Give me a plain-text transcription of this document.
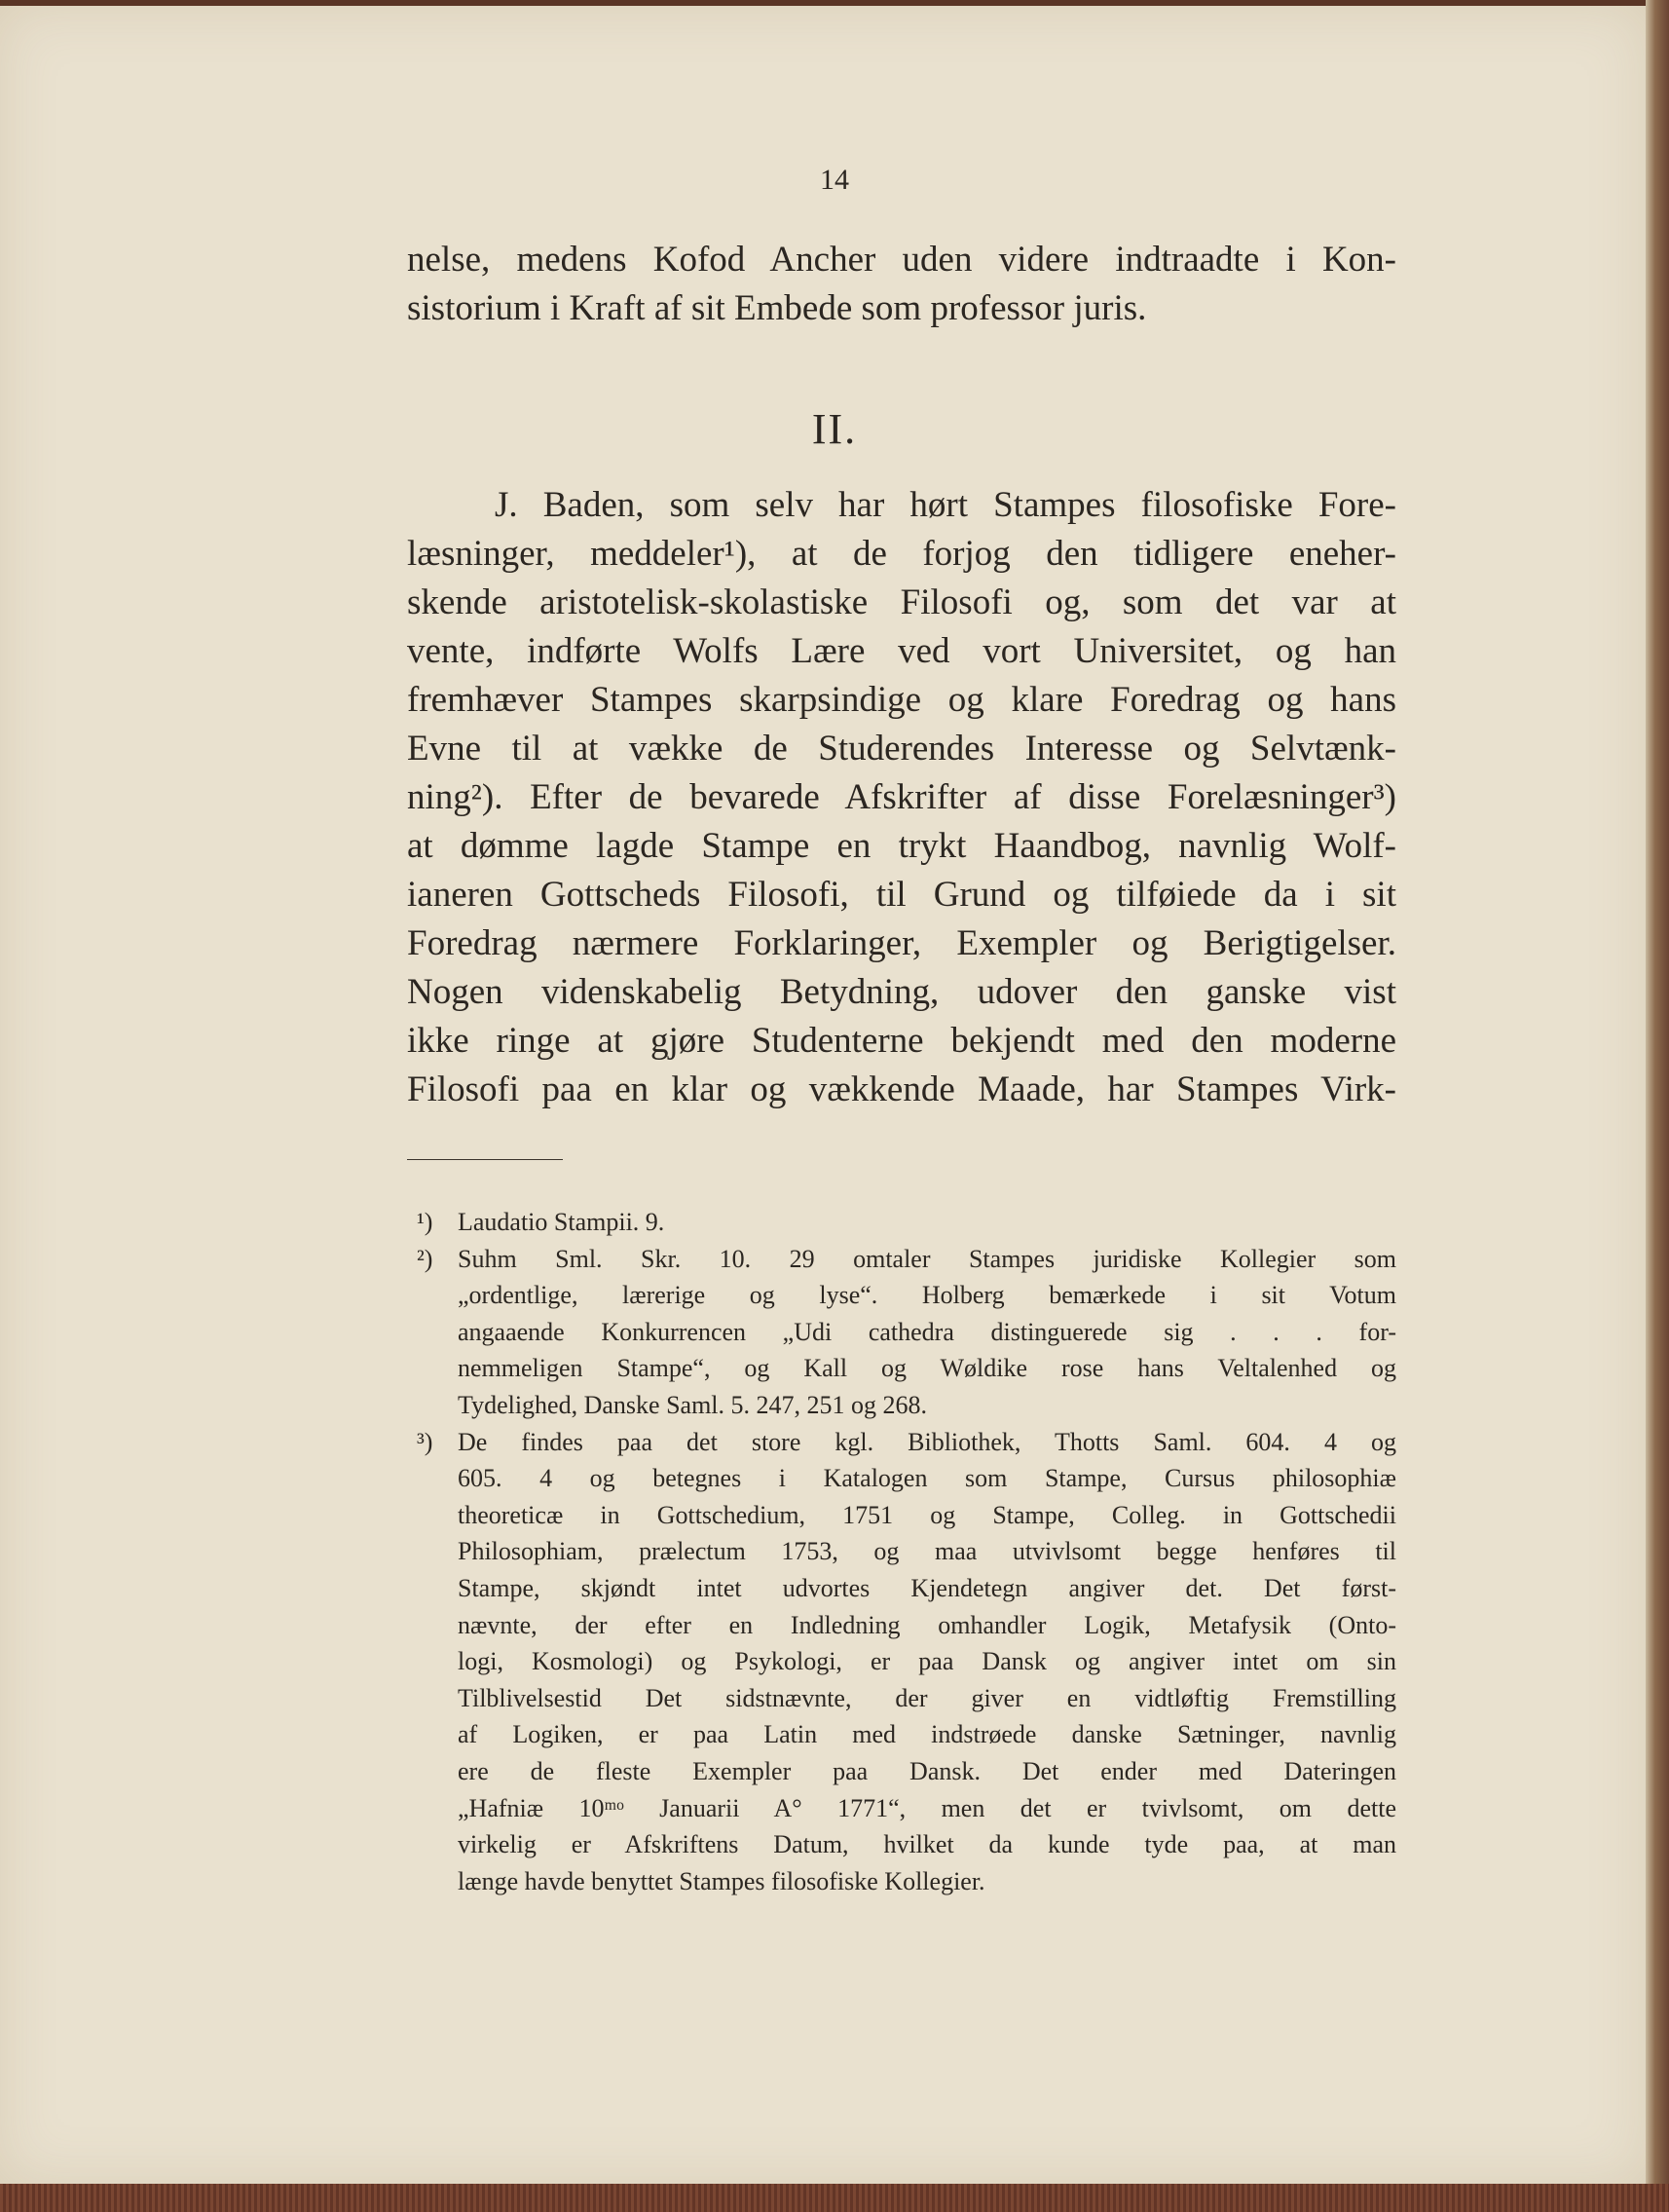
14
nelse, medens Kofod Ancher uden videre indtraadte i Kon-
sistorium i Kraft af sit Embede som professor juris.
II.
J. Baden, som selv har hørt Stampes filosofiske Fore-
læsninger, meddeler¹), at de forjog den tidligere eneher-
skende aristotelisk-skolastiske Filosofi og, som det var at
vente, indførte Wolfs Lære ved vort Universitet, og han
fremhæver Stampes skarpsindige og klare Foredrag og hans
Evne til at vække de Studerendes Interesse og Selvtænk-
ning²). Efter de bevarede Afskrifter af disse Forelæsninger³)
at dømme lagde Stampe en trykt Haandbog, navnlig Wolf-
ianeren Gottscheds Filosofi, til Grund og tilføiede da i sit
Foredrag nærmere Forklaringer, Exempler og Berigtigelser.
Nogen videnskabelig Betydning, udover den ganske vist
ikke ringe at gjøre Studenterne bekjendt med den moderne
Filosofi paa en klar og vækkende Maade, har Stampes Virk-
¹) Laudatio Stampii. 9.
²) Suhm Sml. Skr. 10. 29 omtaler Stampes juridiske Kollegier som
„ordentlige, lærerige og lyse“. Holberg bemærkede i sit Votum
angaaende Konkurrencen „Udi cathedra distinguerede sig . . . for-
nemmeligen Stampe“, og Kall og Wøldike rose hans Veltalenhed og
Tydelighed, Danske Saml. 5. 247, 251 og 268.
³) De findes paa det store kgl. Bibliothek, Thotts Saml. 604. 4 og
605. 4 og betegnes i Katalogen som Stampe, Cursus philosophiæ
theoreticæ in Gottschedium, 1751 og Stampe, Colleg. in Gottschedii
Philosophiam, prælectum 1753, og maa utvivlsomt begge henføres til
Stampe, skjøndt intet udvortes Kjendetegn angiver det. Det først-
nævnte, der efter en Indledning omhandler Logik, Metafysik (Onto-
logi, Kosmologi) og Psykologi, er paa Dansk og angiver intet om sin
Tilblivelsestid Det sidstnævnte, der giver en vidtløftig Fremstilling
af Logiken, er paa Latin med indstrøede danske Sætninger, navnlig
ere de fleste Exempler paa Dansk. Det ender med Dateringen
„Hafniæ 10ᵐᵒ Januarii A° 1771“, men det er tvivlsomt, om dette
virkelig er Afskriftens Datum, hvilket da kunde tyde paa, at man
længe havde benyttet Stampes filosofiske Kollegier.
